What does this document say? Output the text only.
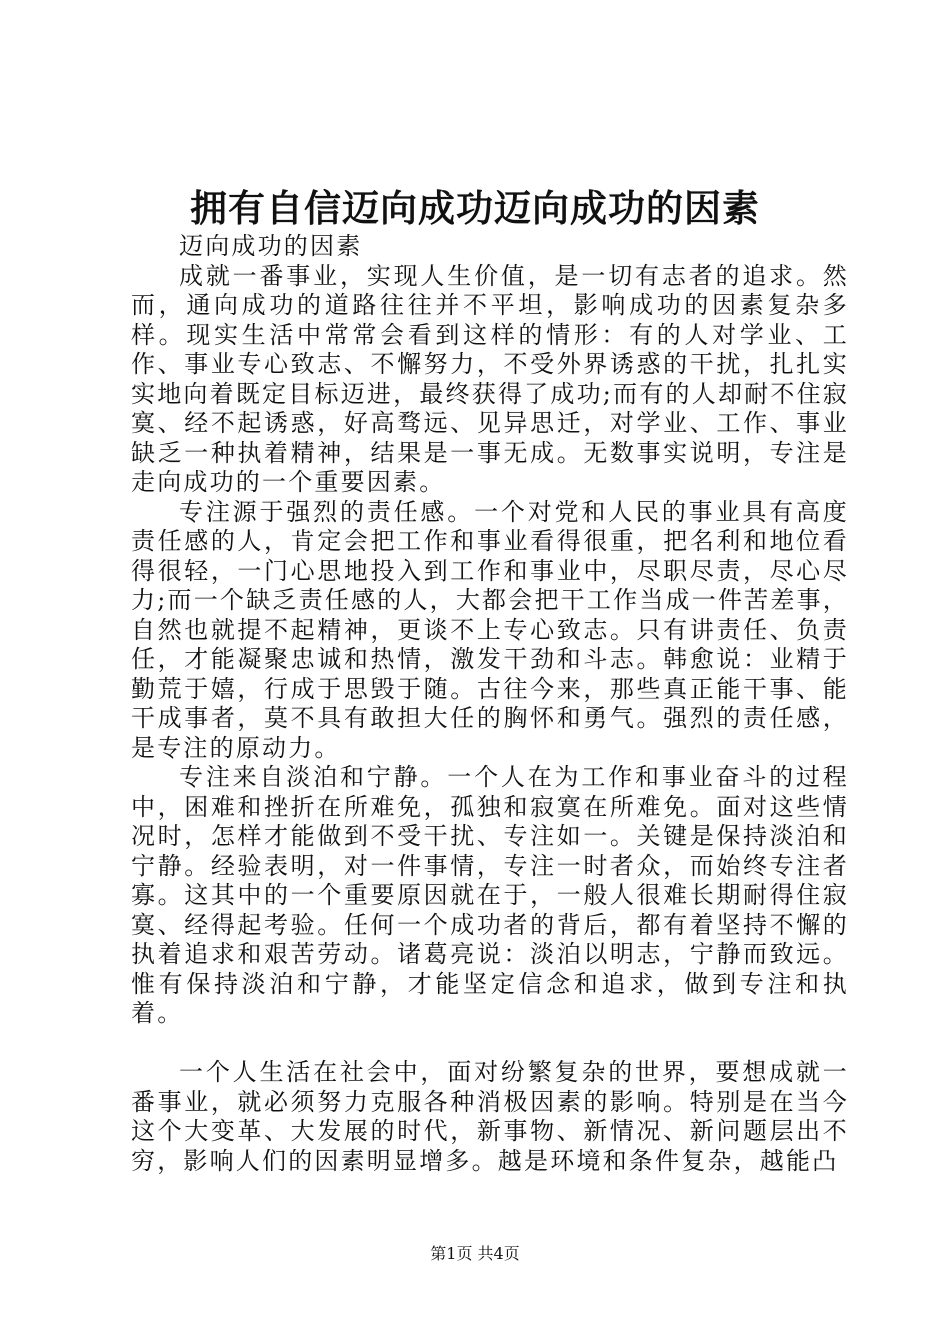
拥有自信迈向成功迈向成功的因素

迈向成功的因素

成就一番事业，实现人生价值，是一切有志者的追求。然而，通向成功的道路往往并不平坦，影响成功的因素复杂多样。现实生活中常常会看到这样的情形：有的人对学业、工作、事业专心致志、不懈努力，不受外界诱惑的干扰，扎扎实实地向着既定目标迈进，最终获得了成功;而有的人却耐不住寂寞、经不起诱惑，好高骛远、见异思迁，对学业、工作、事业缺乏一种执着精神，结果是一事无成。无数事实说明，专注是走向成功的一个重要因素。

专注源于强烈的责任感。一个对党和人民的事业具有高度责任感的人，肯定会把工作和事业看得很重，把名利和地位看得很轻，一门心思地投入到工作和事业中，尽职尽责，尽心尽力;而一个缺乏责任感的人，大都会把干工作当成一件苦差事，自然也就提不起精神，更谈不上专心致志。只有讲责任、负责任，才能凝聚忠诚和热情，激发干劲和斗志。韩愈说：业精于勤荒于嬉，行成于思毁于随。古往今来，那些真正能干事、能干成事者，莫不具有敢担大任的胸怀和勇气。强烈的责任感，是专注的原动力。

专注来自淡泊和宁静。一个人在为工作和事业奋斗的过程中，困难和挫折在所难免，孤独和寂寞在所难免。面对这些情况时，怎样才能做到不受干扰、专注如一。关键是保持淡泊和宁静。经验表明，对一件事情，专注一时者众，而始终专注者寡。这其中的一个重要原因就在于，一般人很难长期耐得住寂寞、经得起考验。任何一个成功者的背后，都有着坚持不懈的执着追求和艰苦劳动。诸葛亮说：淡泊以明志，宁静而致远。惟有保持淡泊和宁静，才能坚定信念和追求，做到专注和执着。

一个人生活在社会中，面对纷繁复杂的世界，要想成就一番事业，就必须努力克服各种消极因素的影响。特别是在当今这个大变革、大发展的时代，新事物、新情况、新问题层出不穷，影响人们的因素明显增多。越是环境和条件复杂，越能凸

第1页 共4页
